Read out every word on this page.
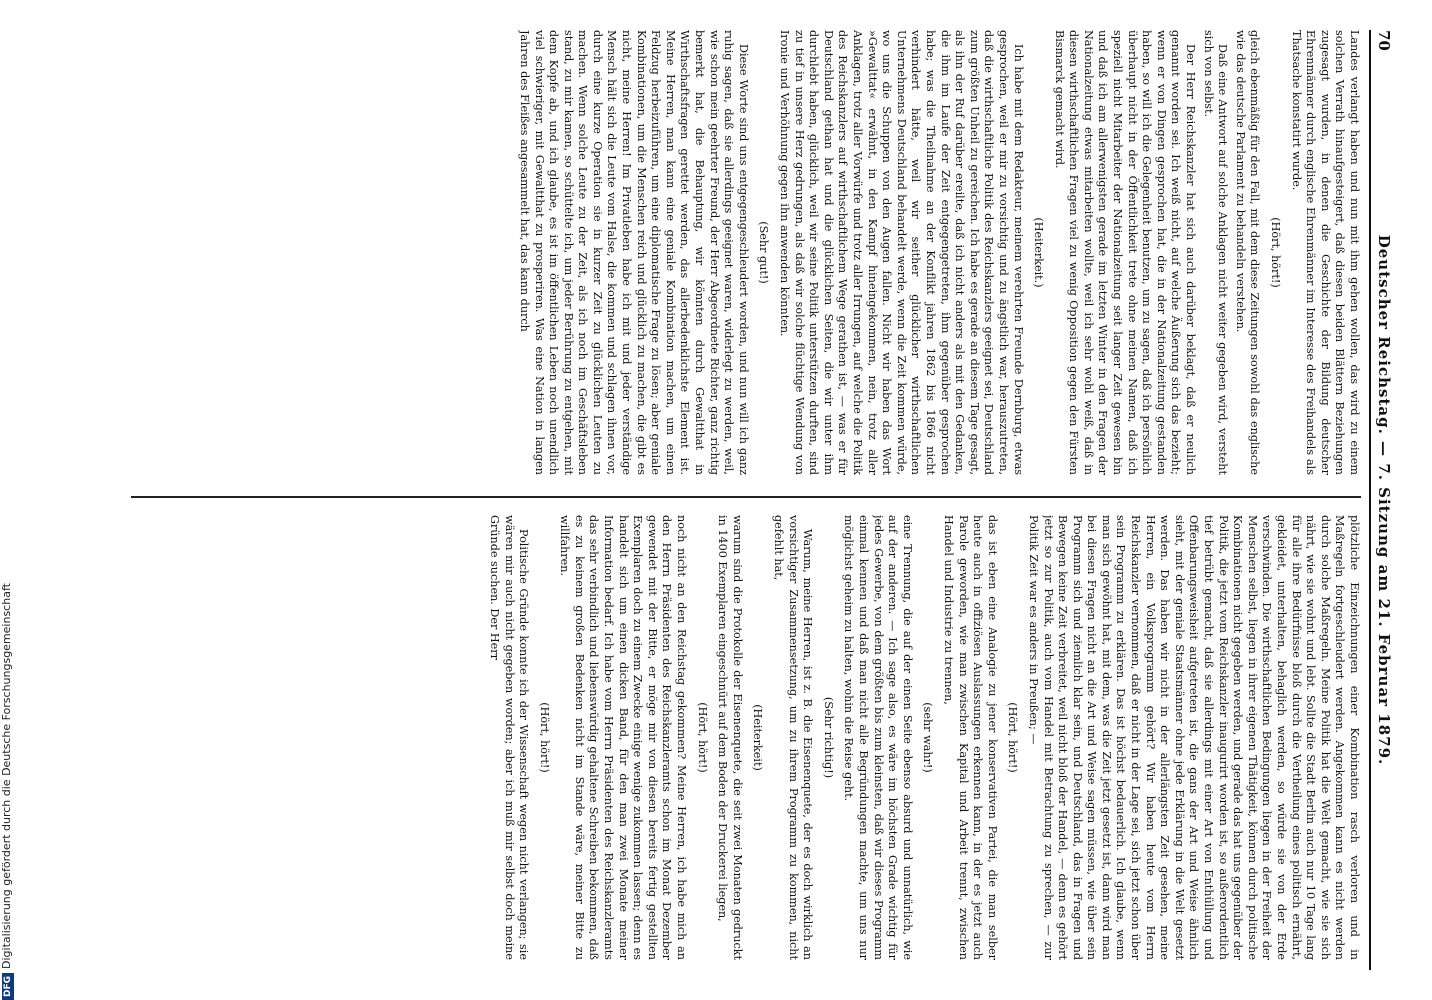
70
Deutscher Reichstag. — 7. Sitzung am 21. Februar 1879.

Landes verlangt haben und nun mit ihm gehen wollen, das wird zu einem solchen Verrath hinaufgesteigert, daß diesen beiden Blättern Beziehungen zugesagt wurden, in denen die Geschichte der Bildung deutscher Ehrenmänner durch englische Ehrenmänner im Interesse des Freihandels als Thatsache konstatirt wurde.

(Hört, hört!)

gleich ebenmäßig für den Fall, mit dem diese Zeitungen sowohl das englische wie das deutsche Parlament zu behandeln verstehen.

Daß eine Antwort auf solche Anklagen nicht weiter gegeben wird, versteht sich von selbst.

Der Herr Reichskanzler hat sich auch darüber beklagt, daß er neulich genannt worden sei. Ich weiß nicht, auf welche Äußerung sich das bezieht; wenn er von Dingen gesprochen hat, die in der Nationalzeitung gestanden haben, so will ich die Gelegenheit benutzen, um zu sagen, daß ich persönlich überhaupt nicht in der Öffentlichkeit trete ohne meinen Namen, daß ich speziell nicht Mitarbeiter der Nationalzeitung seit langer Zeit gewesen bin und daß ich am allerwenigsten gerade im letzten Winter in den Fragen der Nationalzeitung etwas mitarbeiten wollte, weil ich sehr wohl weiß, daß in diesen wirthschaftlichen Fragen viel zu wenig Opposition gegen den Fürsten Bismarck gemacht wird.

(Heiterkeit.)

Ich habe mit dem Redakteur, meinem verehrten Freunde Dernburg, etwas gesprochen, weil er mir zu vorsichtig und zu ängstlich war, herauszutreten, daß die wirthschaftliche Politik des Reichskanzlers geeignet sei, Deutschland zum größten Unheil zu gereichen. Ich habe es gerade an diesem Tage gesagt, als ihn der Ruf darüber ereilte, daß ich nicht anders als mit den Gedanken, die ihm im Laufe der Zeit entgegengetreten, ihm gegenüber gesprochen habe; was die Theilnahme an der Konflikt jahren 1862 bis 1866 nicht verhindert hätte, weil wir seither glücklicher wirthschaftlichen Unternehmens Deutschland behandelt werde, wenn die Zeit kommen würde, wo uns die Schuppen von den Augen fallen. Nicht wir haben das Wort »Gewalttat« erwähnt, in den Kampf hineingekommen, nein, trotz aller Anklagen, trotz aller Vorwürfe und trotz aller Irrungen, auf welche die Politik des Reichskanzlers auf wirthschaftlichem Wege gerathen ist, — was er für Deutschland gethan hat und die glücklichen Seiten, die wir unter ihm durchlebt haben, glücklich, weil wir seine Politik unterstützen durften, sind zu tief in unsere Herz gedrungen, als daß wir solche flüchtige Wendung von Ironie und Verhöhnung gegen ihn anwenden könnten.

(Sehr gut!)

Diese Worte sind uns entgegengeschleudert worden, und nun will ich ganz ruhig sagen, daß sie allerdings geeignet waren, widerlegt zu werden, weil, wie schon mein geehrter Freund, der Herr Abgeordnete Richter, ganz richtig bemerkt hat, die Behauptung, wir könnten durch Gewaltthat in Wirthschaftsfragen gerettet werden, das allerbedenklichste Element ist. Meine Herren, man kann eine geniale Kombination machen, um einen Feldzug herbeizuführen, um eine diplomatische Frage zu lösen; aber geniale Kombinationen, um die Menschen reich und glücklich zu machen, die gibt es nicht, meine Herren! Im Privatleben habe ich mit und jeder verständige Mensch hält sich die Leute vom Halse, die kommen und schlagen ihnen vor, durch eine kurze Operation sie in kurzer Zeit zu glücklichen Leuten zu machen. Wenn solche Leute zu der Zeit, als ich noch im Geschäftsleben stand, zu mir kamen, so schüttelte ich, um jeder Berührung zu entgehen, mit dem Kopfe ab, und ich glaube, es ist im öffentlichen Leben noch unendlich viel schwieriger, mit Gewaltthat zu prosperiren. Was eine Nation in langen Jahren des Fleißes angesammelt hat, das kann durch

plötzliche Einzeichnungen einer Kombination rasch verloren und in Maßregeln fortgeschleudert werden. Angekommen kann es nicht werden durch solche Maßregeln. Meine Politik hat die Welt gemacht, wie sie sich nährt, wie sie wohnt und lebt. Sollte die Stadt Berlin auch nur 10 Tage lang für alle ihre Bedürfnisse bloß durch die Vertheilung eines politisch ernährt, gekleidet, unterhalten, behaglich werden, so würde sie von der Erde verschwinden. Die wirthschaftlichen Bedingungen liegen in der Freiheit der Menschen selbst, liegen in ihrer eigenen Thätigkeit, können durch politische Kombinationen nicht gegeben werden, und gerade das hat uns gegenüber der Politik, die jetzt vom Reichskanzler inaugurirt worden ist, so außerordentlich tief betrübt gemacht, daß sie allerdings mit einer Art von Enthüllung und Offenbarungsweisheit aufgetreten ist, die gans der Art und Weise ähnlich sieht, mit der geniale Staatsmänner ohne jede Erklärung in die Welt gesetzt werden. Das haben wir nicht in der allerlängsten Zeit gesehen, meine Herren, ein Volksprogramm gehört? Wir haben heute vom Herrn Reichskanzler vernommen, daß er nicht in der Lage sei, sich jetzt schon über sein Programm zu erklären. Das ist höchst bedauerlich. Ich glaube, wenn man sich gewöhnt hat, mit dem, was die Zeit jetzt gesetzt ist, dann wird man bei diesen Fragen nicht an die Art und Weise sagen müssen, wie über sein Programm sich und ziemlich klar sein, und Deutschland, das in Fragen und Bewegen keine Zeit verbreitet, weil nicht bloß der Handel, — denn es gehört jetzt so zur Politik, auch vom Handel mit Betrachtung zu sprechen, — zur Politik Zeit war es anders in Preußen; —

(Hört, hört!)

das ist eben eine Analogie zu jener konservativen Partei, die man selber heute auch in offiziösen Auslassungen erkennen kann, in der es jetzt auch Parole geworden, wie man zwischen Kapital und Arbeit trennt, zwischen Handel und Industrie zu trennen,

(sehr wahr!)

eine Trennung, die auf der einen Seite ebenso absurd und unnatürlich, wie auf der anderen. — Ich sage also, es wäre im höchsten Grade wichtig für jedes Gewerbe, von dem größten bis zum kleinsten, daß wir dieses Programm einmal kennen und daß man nicht alle Begründungen machte, um uns nur möglichst geheim zu halten, wohin die Reise geht.

(Sehr richtig!)

Warum, meine Herren, ist z. B. die Eisenenquete, der es doch wirklich an vorsichtiger Zusammensetzung, um zu ihrem Programm zu kommen, nicht gefehlt hat,

(Heiterkeit)

warum sind die Protokolle der Eisenenquete, die seit zwei Monaten gedruckt in 1400 Exemplaren eingeschnürt auf dem Boden der Druckerei liegen,

(Hört, hört!)

noch nicht an den Reichstag gekommen? Meine Herren, ich habe mich an den Herrn Präsidenten des Reichskanzleramts schon im Monat Dezember gewendet mit der Bitte, er möge mir von diesen bereits fertig gestellten Exemplaren doch zu einem Zwecke einige wenige zukommen lassen; denn es handelt sich um einen dicken Band, für den man zwei Monate meiner Information bedarf. Ich habe vom Herrn Präsidenten des Reichskanzleramts das sehr verbindlich und liebenswürdig gehaltene Schreiben bekommen, daß es zu keinem großen Bedenken nicht im Stande wäre, meiner Bitte zu willfahren.

(Hört, hört!)

Politische Gründe konnte ich der Wissenschaft wegen nicht verlangen; sie wären mir auch nicht gegeben worden; aber ich muß mir selbst doch meine Gründe suchen. Der Herr

DFGDigitalisierung gefördert durch die Deutsche Forschungsgemeinschaft
